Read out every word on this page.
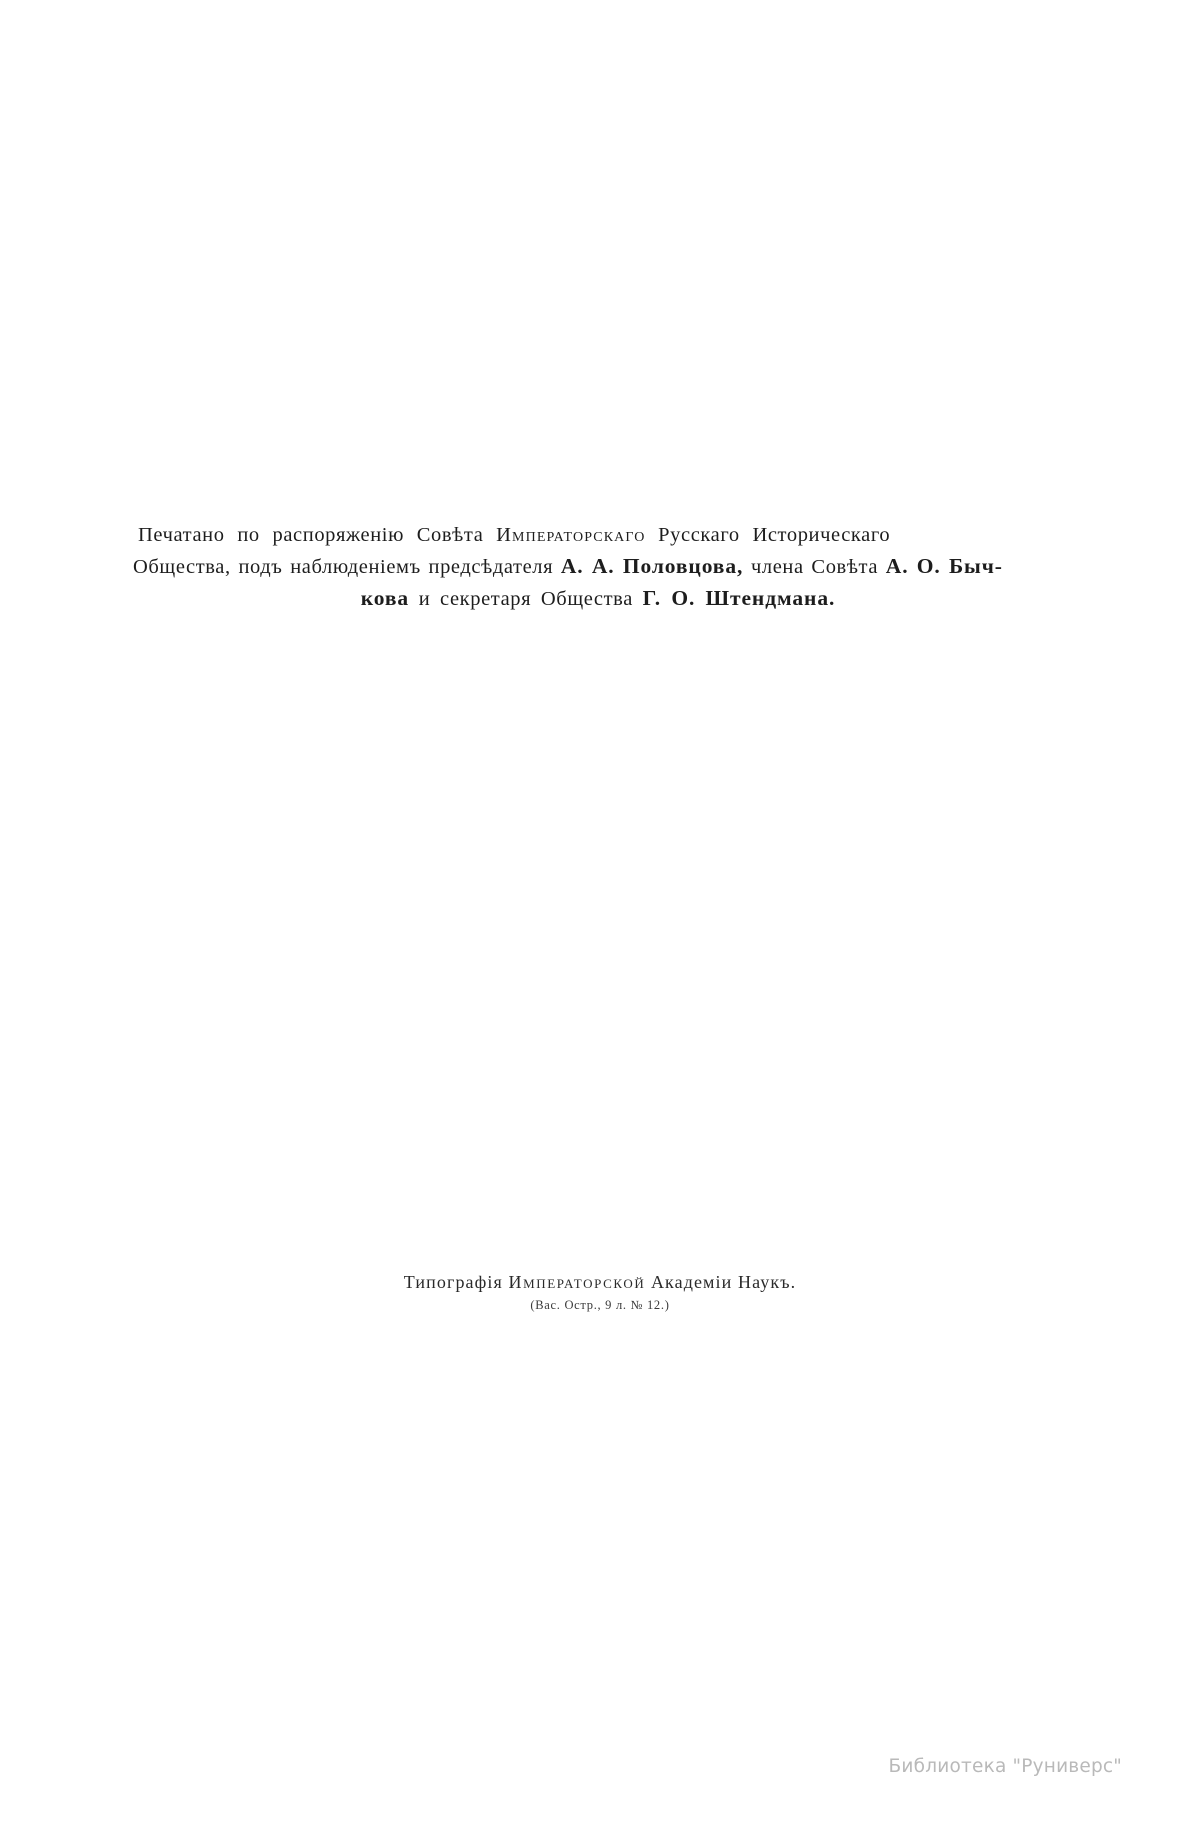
Печатано по распоряженію Совѣта Императорскаго Русскаго Историческаго
Общества, подъ наблюденіемъ предсѣдателя А. А. Половцова, члена Совѣта А. О. Быч-
кова и секретаря Общества Г. О. Штендмана.
Типографія Императорской Академіи Наукъ.
(Вас. Остр., 9 л. № 12.)
Библиотека "Руниверс"
